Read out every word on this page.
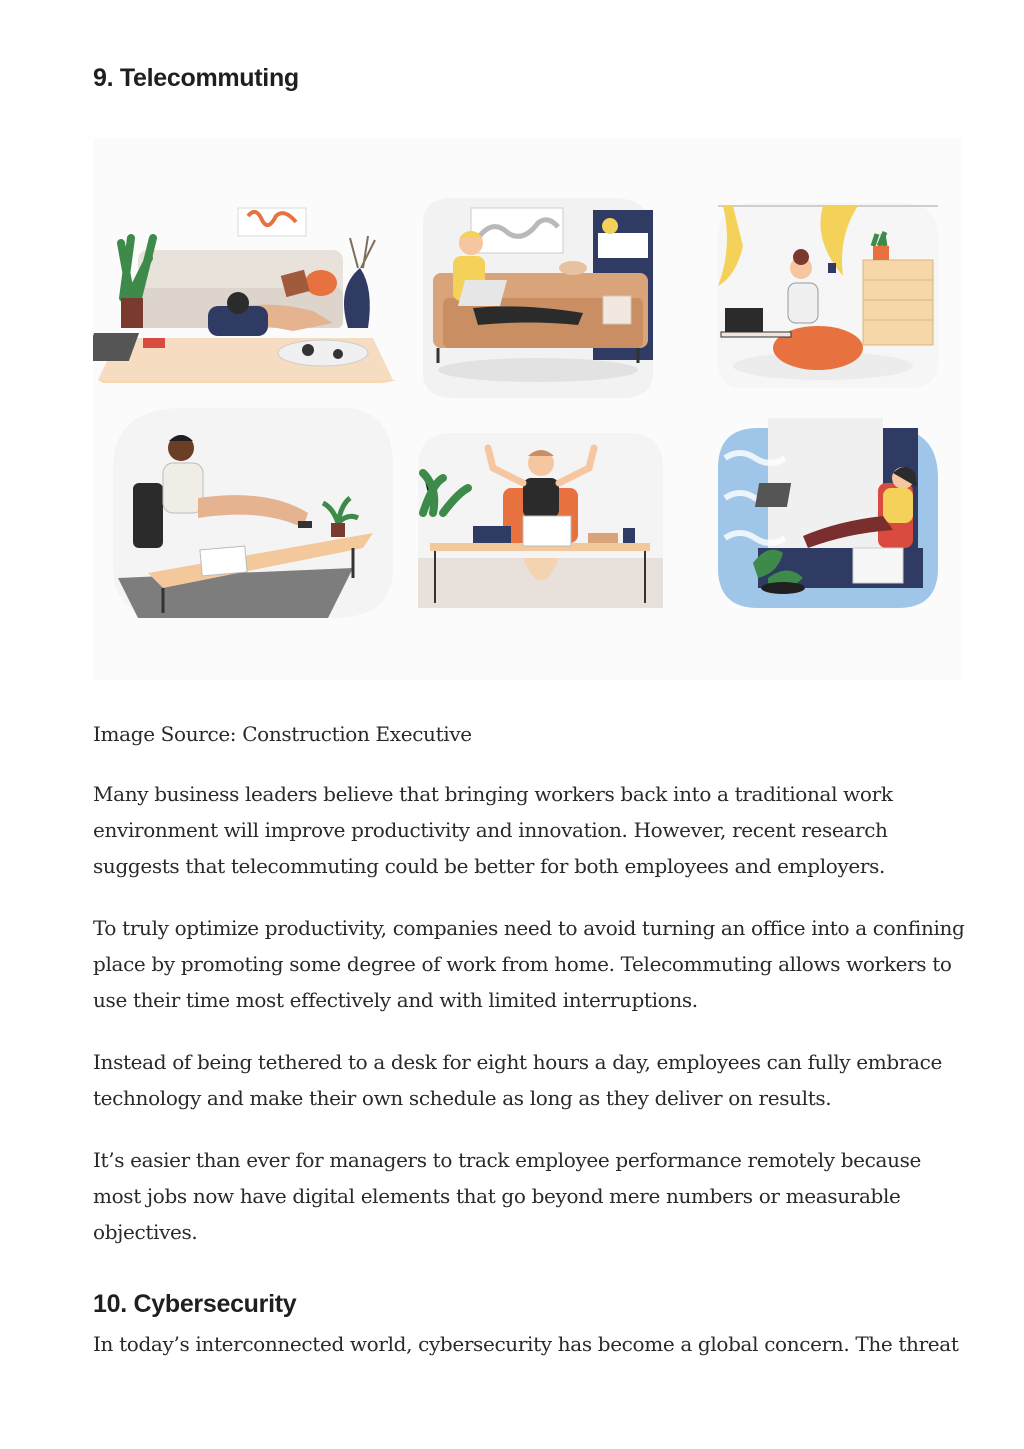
9. Telecommuting

Image Source: Construction Executive

Many business leaders believe that bringing workers back into a traditional work environment will improve productivity and innovation. However, recent research suggests that telecommuting could be better for both employees and employers.

To truly optimize productivity, companies need to avoid turning an office into a confining place by promoting some degree of work from home. Telecommuting allows workers to use their time most effectively and with limited interruptions.

Instead of being tethered to a desk for eight hours a day, employees can fully embrace technology and make their own schedule as long as they deliver on results.

It’s easier than ever for managers to track employee performance remotely because most jobs now have digital elements that go beyond mere numbers or measurable objectives.

10. Cybersecurity

In today’s interconnected world, cybersecurity has become a global concern. The threat
